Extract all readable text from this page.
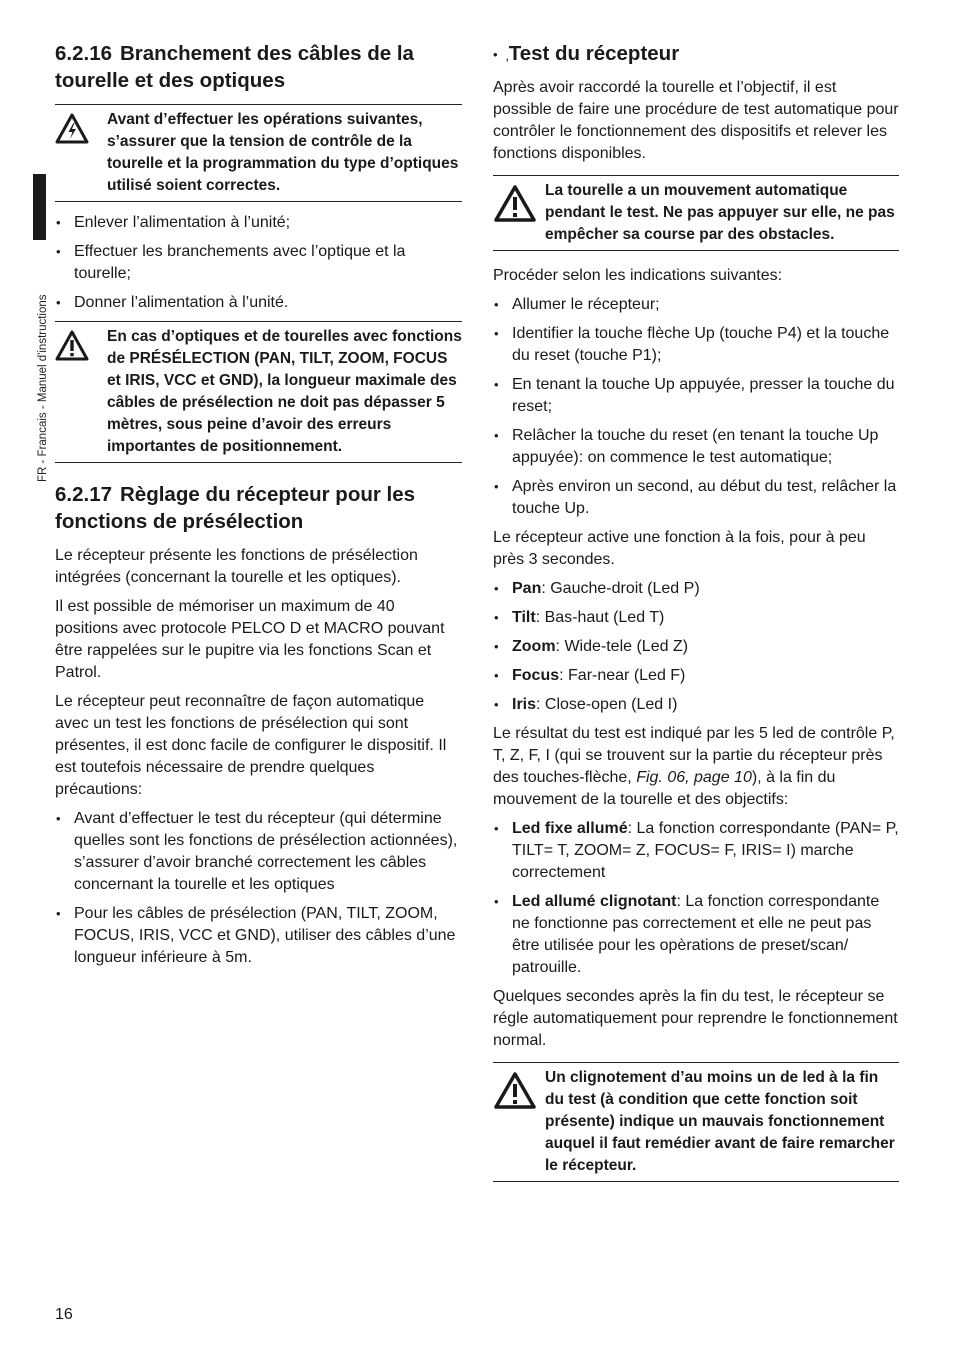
FR - Francais - Manuel d'instructions
6.2.16 Branchement des câbles de la tourelle et des optiques
Avant d’effectuer les opérations suivantes, s’assurer que la tension de contrôle de la tourelle et la programmation du type d’optiques utilisé soient correctes.
• Enlever l’alimentation à l’unité;
• Effectuer les branchements avec l’optique et la tourelle;
• Donner l’alimentation à l’unité.
En cas d’optiques et de tourelles avec fonctions de PRÉSÉLECTION (PAN, TILT, ZOOM, FOCUS et IRIS, VCC et GND), la longueur maximale des câbles de présélection ne doit pas dépasser 5 mètres, sous peine d’avoir des erreurs importantes de positionnement.
6.2.17 Règlage du récepteur pour les fonctions de présélection

Le récepteur présente les fonctions de présélection intégrées (concernant la tourelle et les optiques).

Il est possible de mémoriser un maximum de 40 positions avec protocole PELCO D et MACRO pouvant être rappelées sur le pupitre via les fonctions Scan et Patrol.

Le récepteur peut reconnaître de façon automatique avec un test les fonctions de présélection qui sont présentes, il est donc facile de configurer le dispositif. Il est toutefois nécessaire de prendre quelques précautions:

• Avant d’effectuer le test du récepteur (qui détermine quelles sont les fonctions de présélection actionnées), s’assurer d’avoir branché correctement les câbles concernant la tourelle et les optiques
• Pour les câbles de présélection (PAN, TILT, ZOOM, FOCUS, IRIS, VCC et GND), utiliser des câbles d’une longueur inférieure à 5m.
• ‚Test du récepteur

Après avoir raccordé la tourelle et l’objectif, il est possible de faire une procédure de test automatique pour contrôler le fonctionnement des dispositifs et relever les fonctions disponibles.

La tourelle a un mouvement automatique pendant le test. Ne pas appuyer sur elle, ne pas empêcher sa course par des obstacles.

Procéder selon les indications suivantes:

• Allumer le récepteur;
• Identifier la touche flèche Up (touche P4) et la touche du reset (touche P1);
• En tenant la touche Up appuyée, presser la touche du reset;
• Relâcher la touche du reset (en tenant la touche Up appuyée): on commence le test automatique;
• Après environ un second, au début du test, relâcher la touche Up.

Le récepteur active une fonction à la fois, pour à peu près 3 secondes.

• Pan: Gauche-droit (Led P)
• Tilt: Bas-haut (Led T)
• Zoom: Wide-tele (Led Z)
• Focus: Far-near (Led F)
• Iris: Close-open (Led I)

Le résultat du test est indiqué par les 5 led de contrôle P, T, Z, F, I (qui se trouvent sur la partie du récepteur près des touches-flèche, Fig. 06, page 10), à la fin du mouvement de la tourelle et des objectifs:

• Led fixe allumé: La fonction correspondante (PAN= P, TILT= T, ZOOM= Z, FOCUS= F, IRIS= I) marche correctement
• Led allumé clignotant: La fonction correspondante ne fonctionne pas correctement et elle ne peut pas être utilisée pour les opèrations de preset/scan/ patrouille.

Quelques secondes après la fin du test, le récepteur se régle automatiquement pour reprendre le fonctionnement normal.

Un clignotement d’au moins un de led à la fin du test (à condition que cette fonction soit présente) indique un mauvais fonctionnement auquel il faut remédier avant de faire remarcher le récepteur.
16
